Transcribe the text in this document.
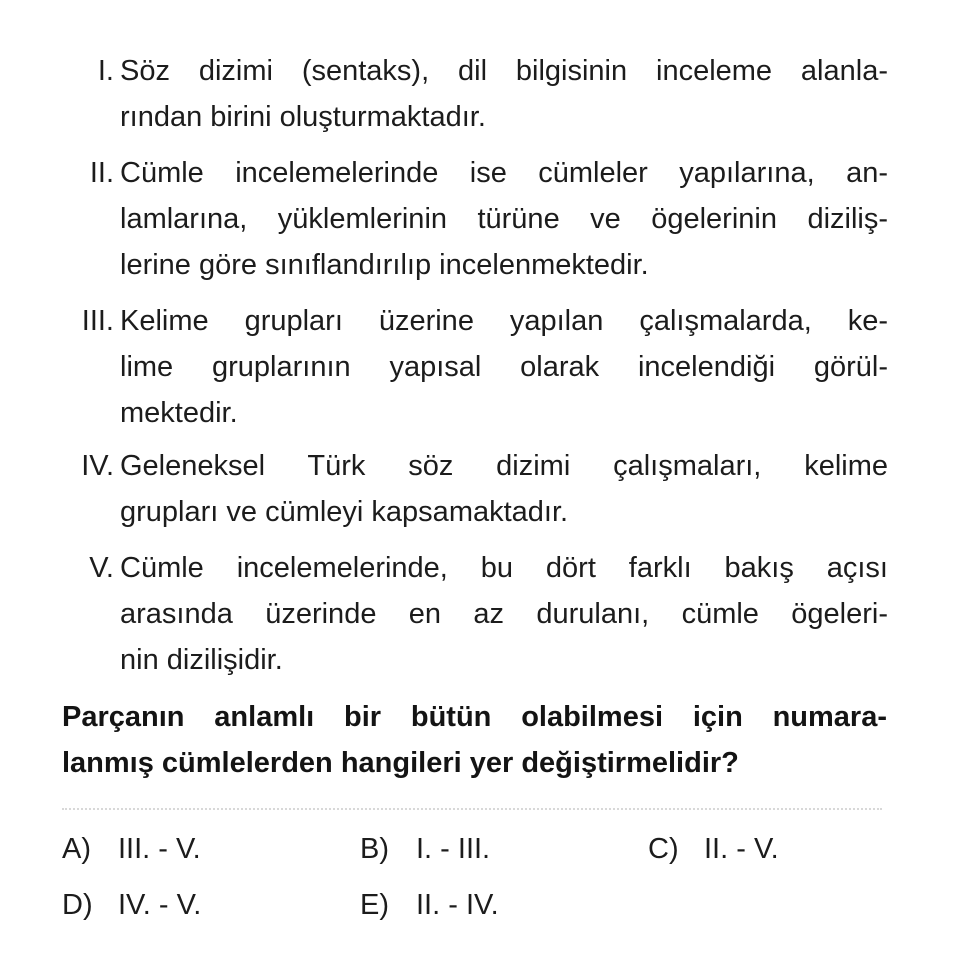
I. Söz dizimi (sentaks), dil bilgisinin inceleme alanla-
rından birini oluşturmaktadır.
II. Cümle incelemelerinde ise cümleler yapılarına, an-
lamlarına, yüklemlerinin türüne ve ögelerinin diziliş-
lerine göre sınıflandırılıp incelenmektedir.
III. Kelime grupları üzerine yapılan çalışmalarda, ke-
lime gruplarının yapısal olarak incelendiği görül-
mektedir.
IV. Geleneksel Türk söz dizimi çalışmaları, kelime
grupları ve cümleyi kapsamaktadır.
V. Cümle incelemelerinde, bu dört farklı bakış açısı
arasında üzerinde en az durulanı, cümle ögeleri-
nin dizilişidir.
Parçanın anlamlı bir bütün olabilmesi için numara-
lanmış cümlelerden hangileri yer değiştirmelidir?
A) III. - V.	B) I. - III.	C) II. - V.
D) IV. - V.	E) II. - IV.
